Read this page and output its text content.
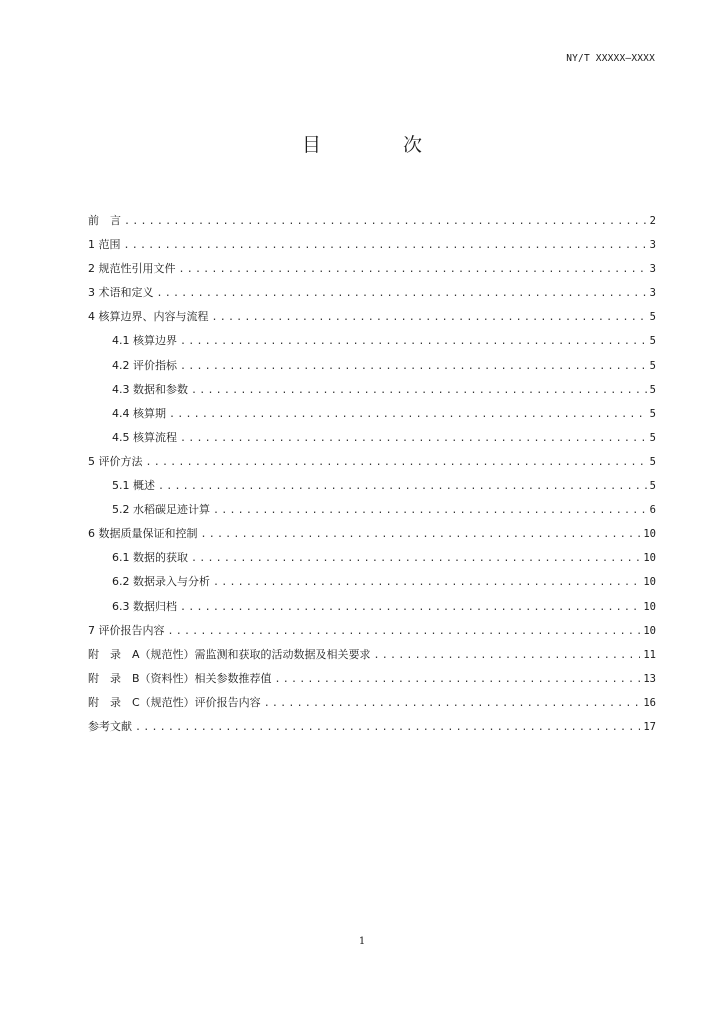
NY/T XXXXX—XXXX
目 次
前　言 .....	2
1 范围 .....	3
2 规范性引用文件 .....	3
3 术语和定义 .....	3
4 核算边界、内容与流程 .....	5
4.1 核算边界 .....	5
4.2 评价指标 .....	5
4.3 数据和参数 .....	5
4.4 核算期 .....	5
4.5 核算流程 .....	5
5 评价方法 .....	5
5.1 概述 .....	5
5.2 水稻碳足迹计算 .....	6
6 数据质量保证和控制 .....	10
6.1 数据的获取 .....	10
6.2 数据录入与分析 .....	10
6.3 数据归档 .....	10
7 评价报告内容 .....	10
附　录　A（规范性）需监测和获取的活动数据及相关要求 .....	11
附　录　B（资料性）相关参数推荐值 .....	13
附　录　C（规范性）评价报告内容 .....	16
参考文献 .....	17
1
